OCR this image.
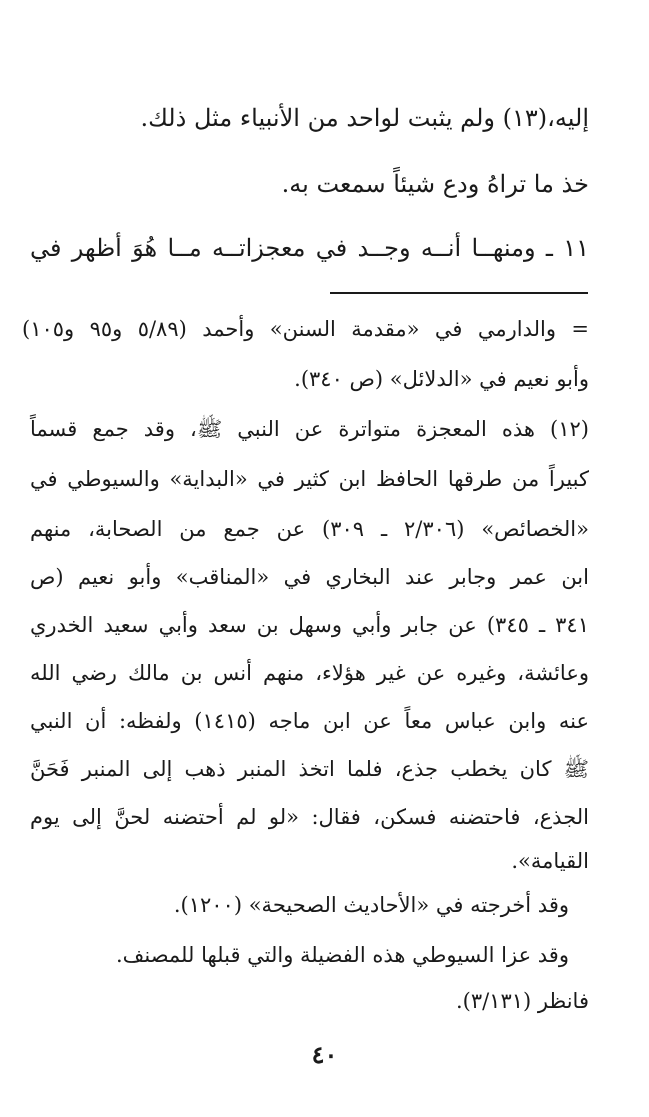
إليه،(١٣) ولم يثبت لواحد من الأنبياء مثل ذلك.
خذ ما تراهُ ودع شيئاً سمعت به.
١١ ـ ومنهــا أنــه وجــد في معجزاتــه مــا هُوَ أظهر في
= والدارمي في «مقدمة السنن» وأحمد (٥/٨٩ و٩٥ و١٠٥)
وأبو نعيم في «الدلائل» (ص ٣٤٠).
(١٢) هذه المعجزة متواترة عن النبي ﷺ، وقد جمع قسماً
كبيراً من طرقها الحافظ ابن كثير في «البداية» والسيوطي في
«الخصائص» (٢/٣٠٦ ـ ٣٠٩) عن جمع من الصحابة، منهم
ابن عمر وجابر عند البخاري في «المناقب» وأبو نعيم (ص
٣٤١ ـ ٣٤٥) عن جابر وأبي وسهل بن سعد وأبي سعيد الخدري
وعائشة، وغيره عن غير هؤلاء، منهم أنس بن مالك رضي الله
عنه وابن عباس معاً عن ابن ماجه (١٤١٥) ولفظه: أن النبي
ﷺ كان يخطب جذع، فلما اتخذ المنبر ذهب إلى المنبر فَحَنَّ
الجذع، فاحتضنه فسكن، فقال: «لو لم أحتضنه لحنَّ إلى يوم
القيامة».
وقد أخرجته في «الأحاديث الصحيحة» (١٢٠٠).
وقد عزا السيوطي هذه الفضيلة والتي قبلها للمصنف.
فانظر (٣/١٣١).
٤٠
